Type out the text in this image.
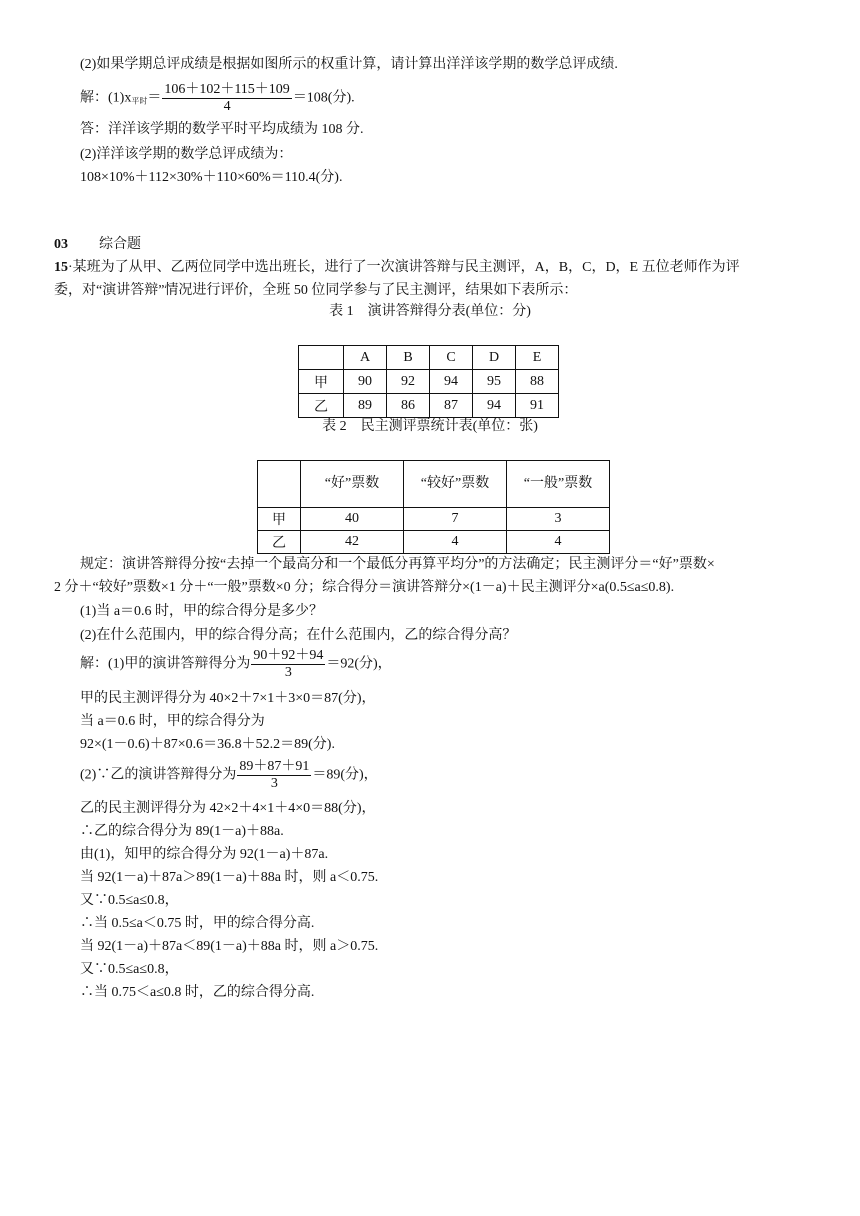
(2)如果学期总评成绩是根据如图所示的权重计算，请计算出洋洋该学期的数学总评成绩.
解：$(1)x_{平时}= \frac{106+102+115+109}{4} =108$(分).
答：洋洋该学期的数学平时平均成绩为 108 分.
(2)洋洋该学期的数学总评成绩为：
108×10%＋112×30%＋110×60%＝110.4(分).
03 综合题
15·某班为了从甲、乙两位同学中选出班长，进行了一次演讲答辩与民主测评，A，B，C，D，E 五位老师作为评
委，对“演讲答辩”情况进行评价，全班 50 位同学参与了民主测评，结果如下表所示：
表 1　演讲答辩得分表(单位：分)
	A	B	C	D	E
甲	90	92	94	95	88
乙	89	86	87	94	91
表 2　民主测评票统计表(单位：张)
	“好”票数	“较好”票数	“一般”票数
甲	40	7	3
乙	42	4	4
规定：演讲答辩得分按“去掉一个最高分和一个最低分再算平均分”的方法确定；民主测评分＝“好”票数×
2 分＋“较好”票数×1 分＋“一般”票数×0 分；综合得分＝演讲答辩分×(1－a)＋民主测评分×a(0.5≤a≤0.8).
(1)当 a＝0.6 时，甲的综合得分是多少？
(2)在什么范围内，甲的综合得分高；在什么范围内，乙的综合得分高？
解：(1)甲的演讲答辩得分为 $\frac{90+92+94}{3} =92$(分)，
甲的民主测评得分为 40×2＋7×1＋3×0＝87(分)，
当 a＝0.6 时，甲的综合得分为
92×(1－0.6)＋87×0.6＝36.8＋52.2＝89(分).
(2)∵乙的演讲答辩得分为 $\frac{89+87+91}{3} =89$(分)，
乙的民主测评得分为 42×2＋4×1＋4×0＝88(分)，
∴乙的综合得分为 89(1－a)＋88a.
由(1)，知甲的综合得分为 92(1－a)＋87a.
当 92(1－a)＋87a＞89(1－a)＋88a 时，则 a＜0.75.
又∵0.5≤a≤0.8，
∴当 0.5≤a＜0.75 时，甲的综合得分高.
当 92(1－a)＋87a＜89(1－a)＋88a 时，则 a＞0.75.
又∵0.5≤a≤0.8，
∴当 0.75＜a≤0.8 时，乙的综合得分高.
